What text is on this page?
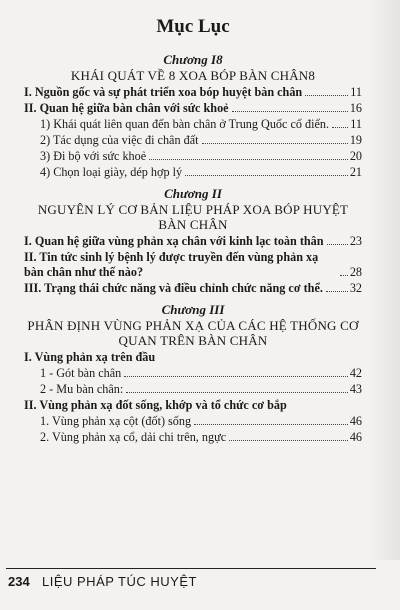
Mục Lục
Chương I8
KHÁI QUÁT VỀ 8 XOA BÓP BÀN CHÂN8
I. Nguồn gốc và sự phát triển xoa bóp huyệt bàn chân	11
II. Quan hệ giữa bàn chân với sức khoẻ	16
1) Khái quát liên quan đến bàn chân ở Trung Quốc cổ điển. 11
2) Tác dụng của việc đi chân đất	19
3) Đi bộ với sức khoẻ	20
4) Chọn loại giày, dép hợp lý	21
Chương II
NGUYÊN LÝ CƠ BẢN LIỆU PHÁP XOA BÓP HUYỆT BÀN CHÂN
I. Quan hệ giữa vùng phản xạ chân với kinh lạc toàn thân 23
II. Tin tức sinh lý bệnh lý được truyền đến vùng phản xạ bàn chân như thế nào?	28
III. Trạng thái chức năng và điều chỉnh chức năng cơ thể. 32
Chương III
PHÂN ĐỊNH VÙNG PHẢN XẠ CỦA CÁC HỆ THỐNG CƠ QUAN TRÊN BÀN CHÂN
I. Vùng phản xạ trên đầu
1 - Gót bàn chân	42
2 - Mu bàn chân:	43
II. Vùng phản xạ đốt sống, khớp và tổ chức cơ bắp
1. Vùng phản xạ cột (đốt) sống	46
2. Vùng phản xạ cổ, dải chi trên, ngực	46
234 LIỆU PHÁP TÚC HUYỆT
